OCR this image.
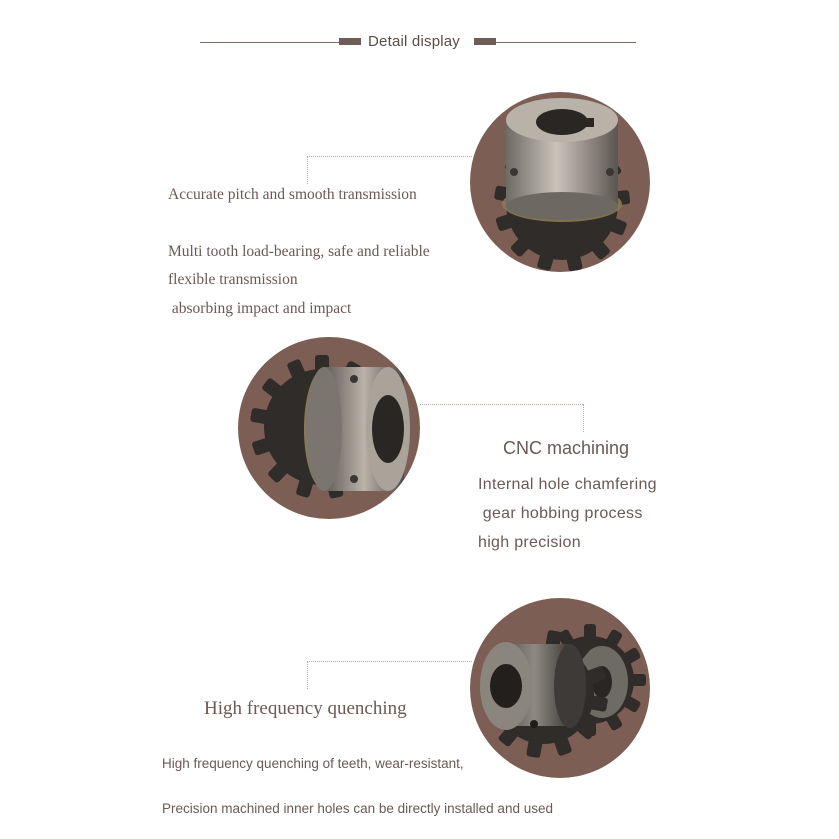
Detail display
Accurate pitch and smooth transmission
Multi tooth load-bearing, safe and reliable
flexible transmission
absorbing impact and impact
CNC machining
Internal hole chamfering
gear hobbing process
high precision
High frequency quenching
High frequency quenching of teeth, wear-resistant,
Precision machined inner holes can be directly installed and used
